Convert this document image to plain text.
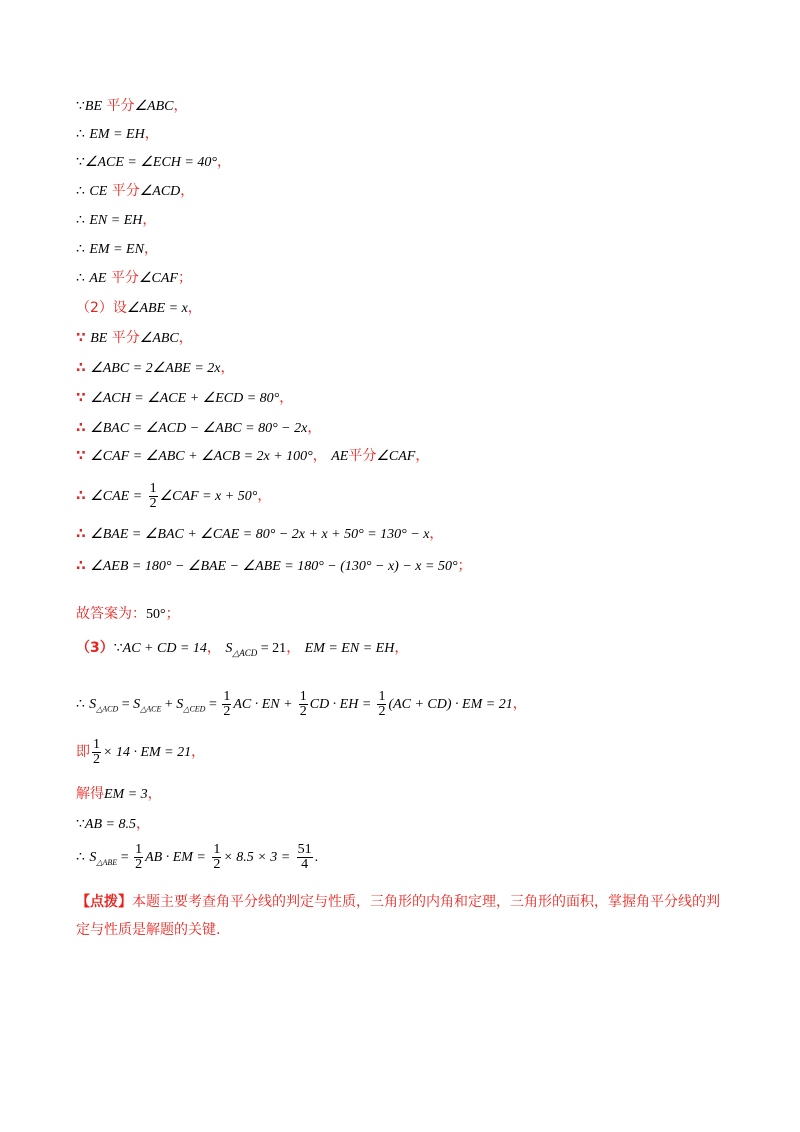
∵BE 平分∠ABC，
∴ EM = EH，
∵∠ACE = ∠ECH = 40°，
∴ CE 平分∠ACD，
∴ EN = EH，
∴ EM = EN，
∴ AE 平分∠CAF；
（2）设∠ABE = x，
∵ BE 平分∠ABC，
∴ ∠ABC = 2∠ABE = 2x，
∵ ∠ACH = ∠ACE + ∠ECD = 80°，
∴ ∠BAC = ∠ACD − ∠ABC = 80° − 2x，
∵ ∠CAF = ∠ABC + ∠ACB = 2x + 100°， AE平分∠CAF，
∴ ∠CAE = $\frac{1}{2}$ ∠CAF = x + 50°，
∴ ∠BAE = ∠BAC + ∠CAE = 80° − 2x + x + 50° = 130° − x，
∴ ∠AEB = 180° − ∠BAE − ∠ABE = 180° − (130° − x) − x = 50°；
故答案为：50°；
（3）∵AC + CD = 14， $S_{\triangle ACD} = 21$， EM = EN = EH，
∴ $S_{\triangle ACD} = S_{\triangle ACE} + S_{\triangle CED} = \frac{1}{2}$ AC · EN + $\frac{1}{2}$ CD · EH = $\frac{1}{2} (AC + CD)$ · EM = 21，
即 $\frac{1}{2} \times 14$ · EM = 21，
解得EM = 3，
∵AB = 8.5，
∴ $S_{\triangle ABE} = \frac{1}{2}$ AB · EM = $\frac{1}{2} \times 8.5 \times 3 = \frac{51}{4}$ .
【点拨】本题主要考查角平分线的判定与性质，三角形的内角和定理，三角形的面积，掌握角平分线的判定与性质是解题的关键.
